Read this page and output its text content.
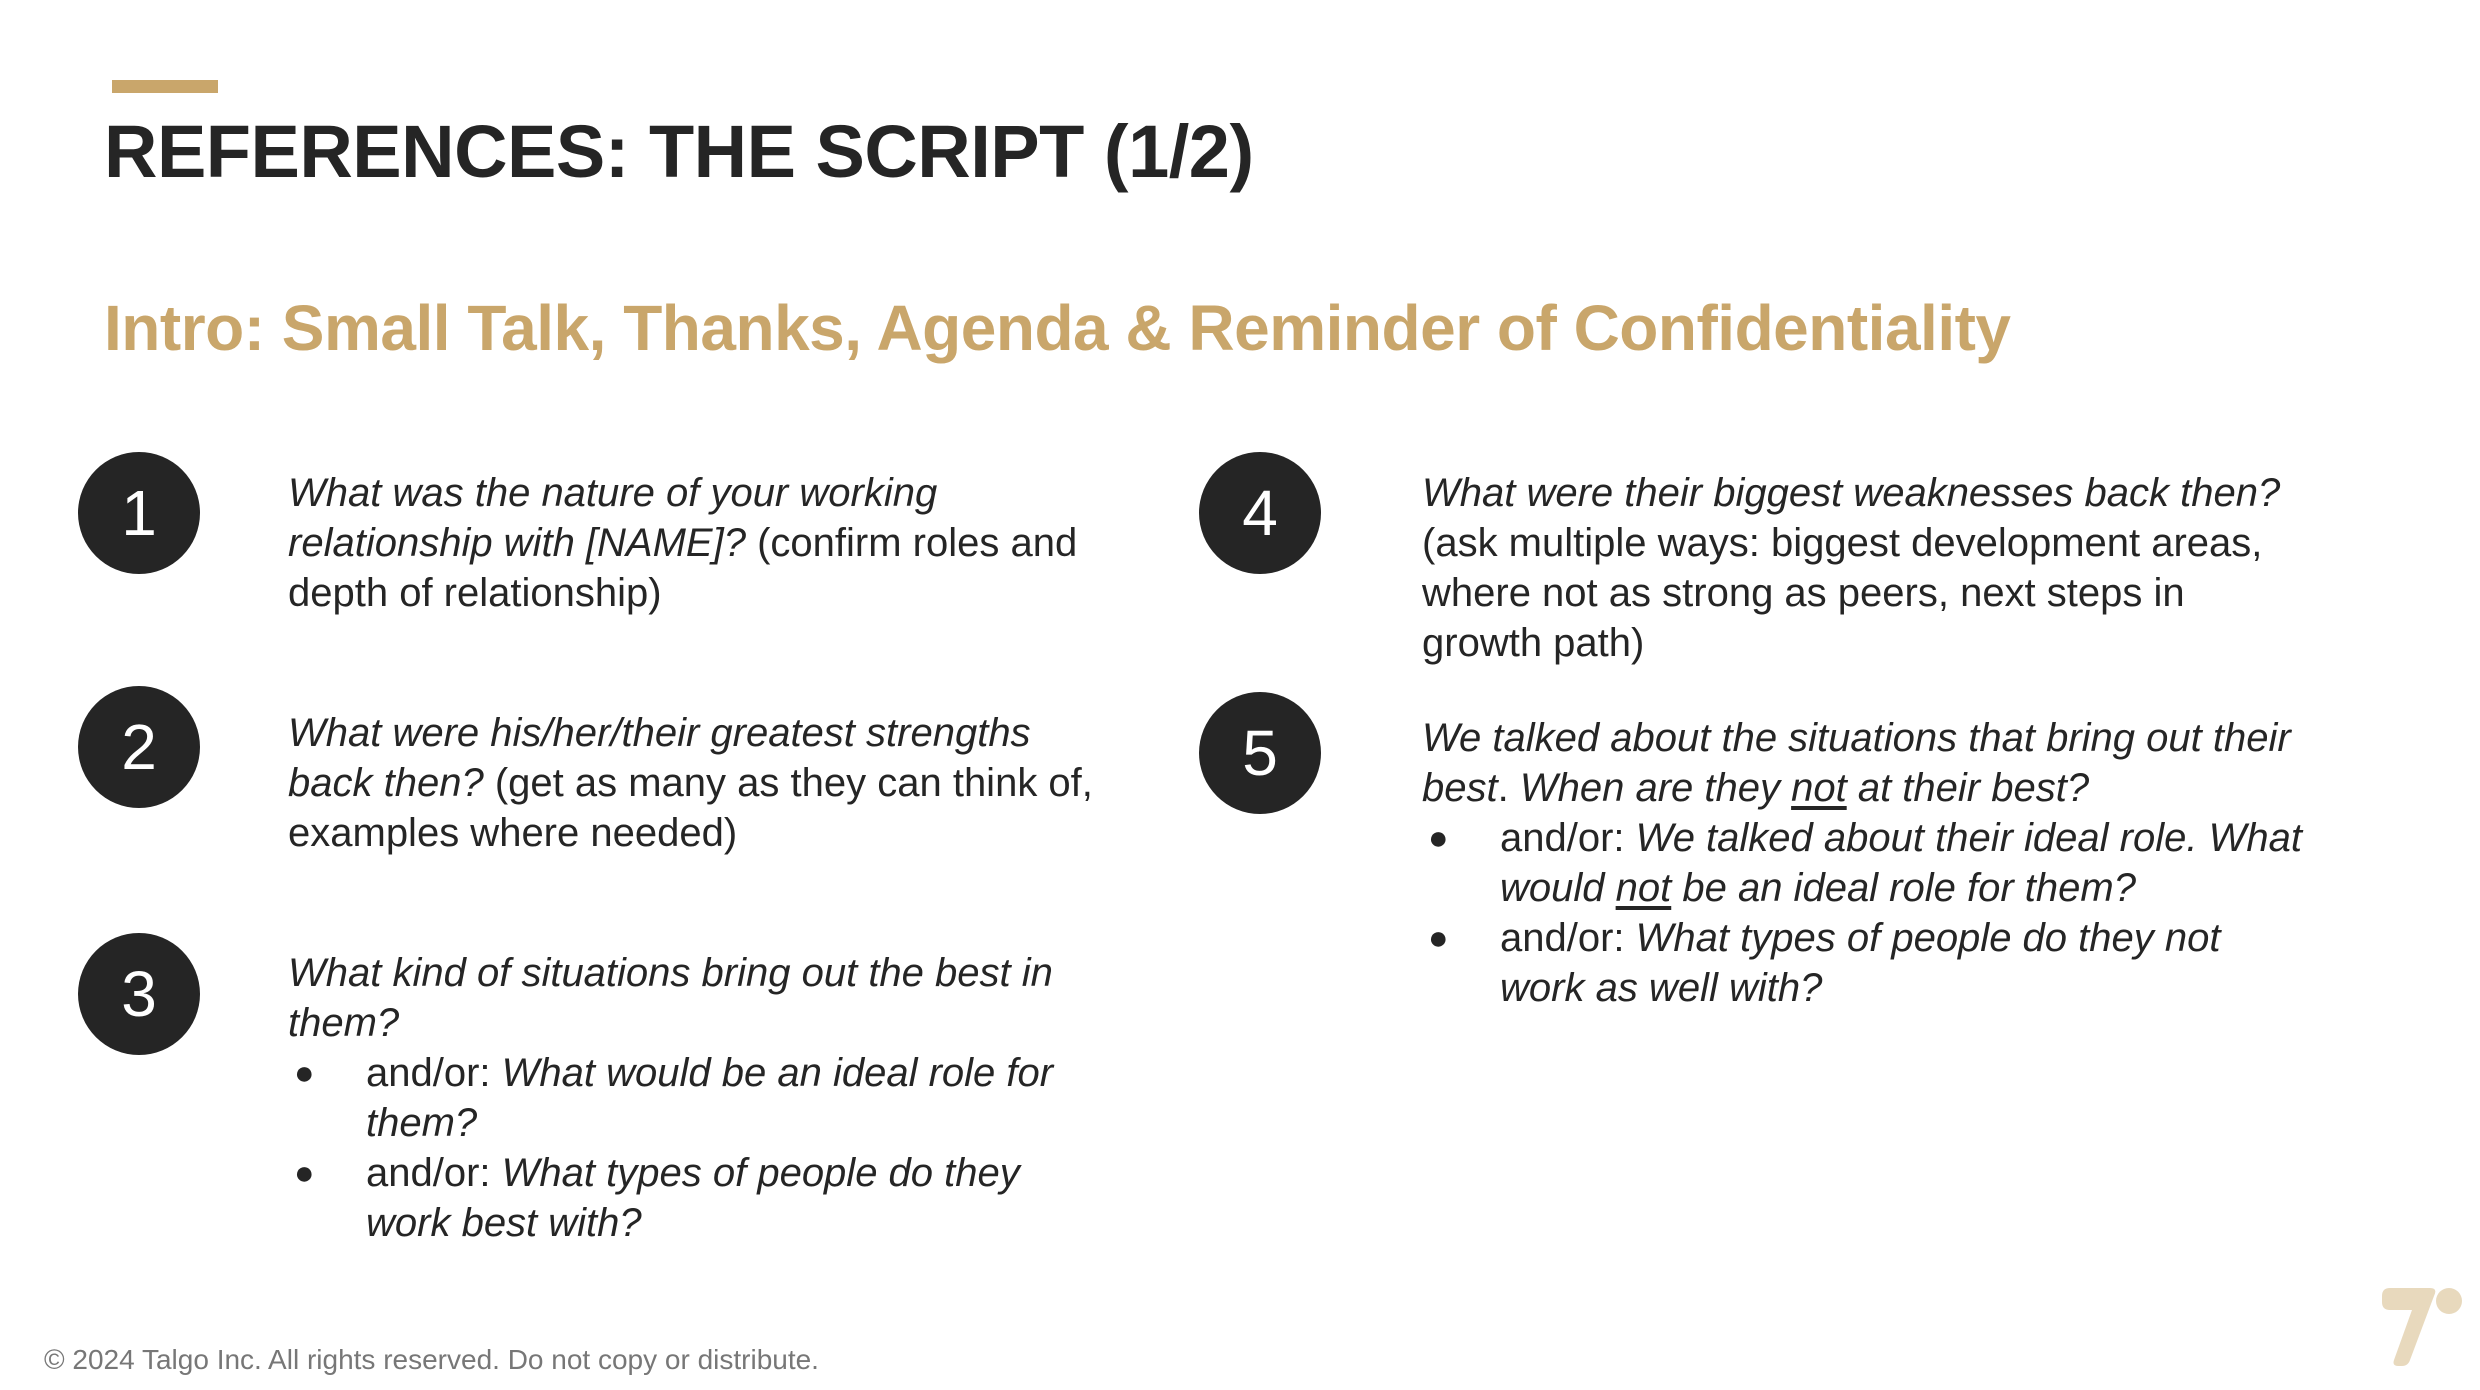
REFERENCES: THE SCRIPT (1/2)
Intro: Small Talk, Thanks, Agenda & Reminder of Confidentiality
1	What was the nature of your working relationship with [NAME]? (confirm roles and depth of relationship)

2	What were his/her/their greatest strengths back then? (get as many as they can think of, examples where needed)

3	What kind of situations bring out the best in them?

● and/or: What would be an ideal role for them?
● and/or: What types of people do they work best with?
4	What were their biggest weaknesses back then? (ask multiple ways: biggest development areas, where not as strong as peers, next steps in growth path)

5	We talked about the situations that bring out their best. When are they not at their best?

● and/or: We talked about their ideal role. What would not be an ideal role for them?
● and/or: What types of people do they not work as well with?
© 2024 Talgo Inc. All rights reserved. Do not copy or distribute.
